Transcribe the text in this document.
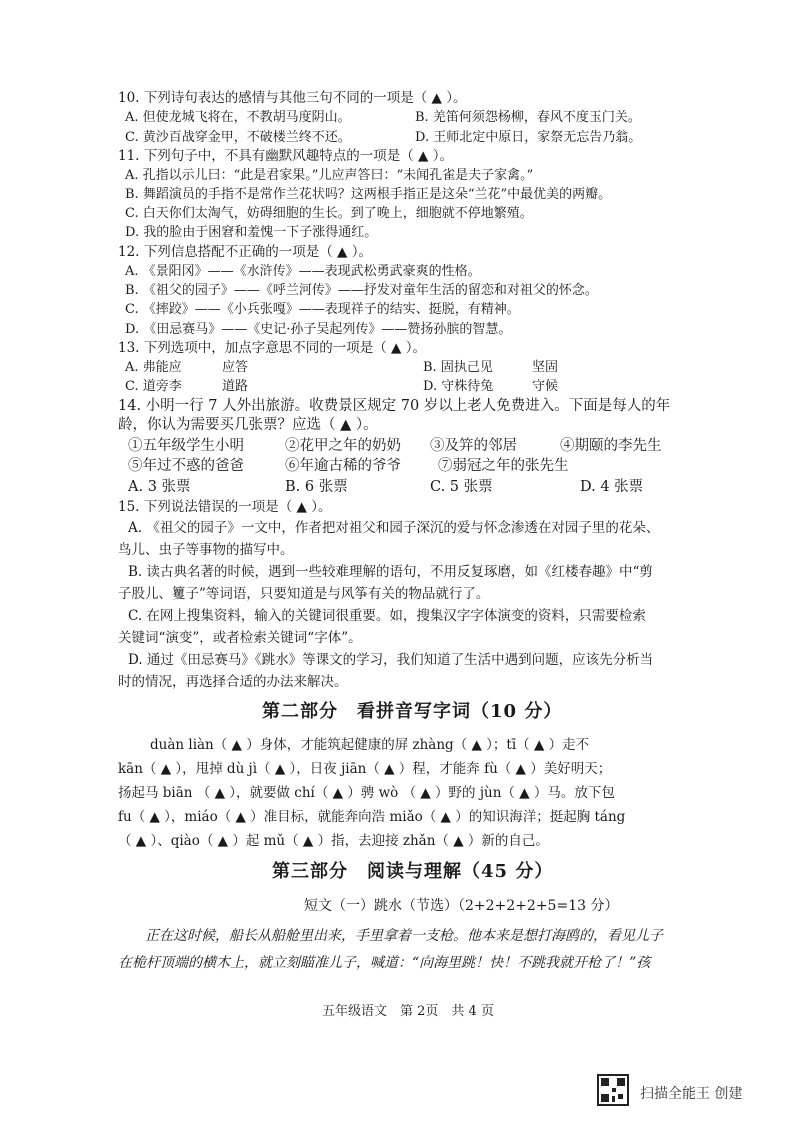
10. 下列诗句表达的感情与其他三句不同的一项是（ ▲ ）。
A. 但使龙城飞将在，不教胡马度阴山。	B. 羌笛何须怨杨柳，春风不度玉门关。
C. 黄沙百战穿金甲，不破楼兰终不还。	D. 王师北定中原日，家祭无忘告乃翁。
11. 下列句子中，不具有幽默风趣特点的一项是（ ▲ ）。
A. 孔指以示儿曰：“此是君家果。”儿应声答曰：“未闻孔雀是夫子家禽。”
B. 舞蹈演员的手指不是常作兰花状吗？这两根手指正是这朵“兰花”中最优美的两瓣。
C. 白天你们太淘气，妨碍细胞的生长。到了晚上，细胞就不停地繁殖。
D. 我的脸由于困窘和羞愧一下子涨得通红。
12. 下列信息搭配不正确的一项是（ ▲ ）。
A. 《景阳冈》——《水浒传》——表现武松勇武豪爽的性格。
B. 《祖父的园子》——《呼兰河传》——抒发对童年生活的留恋和对祖父的怀念。
C. 《摔跤》——《小兵张嘎》——表现祥子的结实、挺脱，有精神。
D. 《田忌赛马》——《史记·孙子吴起列传》——赞扬孙膑的智慧。
13. 下列选项中，加点字意思不同的一项是（ ▲ ）。
A. 弗能应	应答	B. 固执己见	坚固
C. 道旁李	道路	D. 守株待兔	守候
14. 小明一行 7 人外出旅游。收费景区规定 70 岁以上老人免费进入。下面是每人的年
龄，你认为需要买几张票？应选（ ▲ ）。
①五年级学生小明	②花甲之年的奶奶 ③及笄的邻居	④期颐的李先生
⑤年过不惑的爸爸	⑥年逾古稀的爷爷	⑦弱冠之年的张先生
A. 3 张票	B. 6 张票	C. 5 张票	D. 4 张票
15. 下列说法错误的一项是（ ▲ ）。
A. 《祖父的园子》一文中，作者把对祖父和园子深沉的爱与怀念渗透在对园子里的花朵、
鸟儿、虫子等事物的描写中。
B. 读古典名著的时候，遇到一些较难理解的语句，不用反复琢磨，如《红楼春趣》中“剪
子股儿、籰子”等词语，只要知道是与风筝有关的物品就行了。
C. 在网上搜集资料，输入的关键词很重要。如，搜集汉字字体演变的资料，只需要检索
关键词“演变”，或者检索关键词“字体”。
D. 通过《田忌赛马》《跳水》等课文的学习，我们知道了生活中遇到问题，应该先分析当
时的情况，再选择合适的办法来解决。
第二部分　看拼音写字词（10 分）
duàn liàn（ ▲ ）身体，才能筑起健康的屏 zhàng（ ▲ ）；tī（ ▲ ）走不
kān（ ▲ ），甩掉 dù jì（ ▲ ），日夜 jiān（ ▲ ）程，才能奔 fù（ ▲ ）美好明天；
扬起马 biān （ ▲ ），就要做 chí（ ▲ ）骋 wò （ ▲ ）野的 jùn（ ▲ ）马。放下包
fu（ ▲ ），miáo（ ▲ ）准目标，就能奔向浩 miǎo（ ▲ ）的知识海洋；挺起胸 táng
（ ▲ ）、qiào（ ▲ ）起 mǔ（ ▲ ）指，去迎接 zhǎn（ ▲ ）新的自己。
第三部分　阅读与理解（45 分）
短文（一）跳水（节选）（2+2+2+2+5=13 分）
正在这时候，船长从船舱里出来，手里拿着一支枪。他本来是想打海鸥的，看见儿子
在桅杆顶端的横木上，就立刻瞄准儿子，喊道：“向海里跳！快！不跳我就开枪了！”孩
五年级语文　第 2页　共 4 页
扫描全能王 创建
